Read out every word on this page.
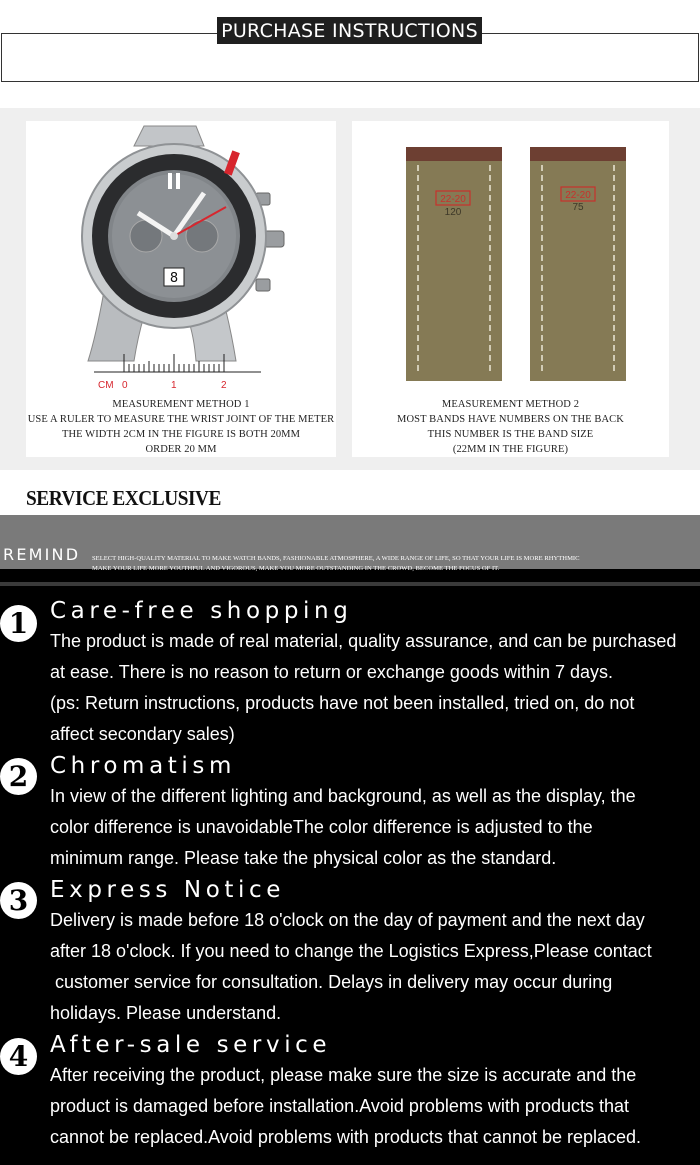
PURCHASE INSTRUCTIONS
8
CM 0	1	2
MEASUREMENT METHOD 1
USE A RULER TO MEASURE THE WRIST JOINT OF THE METER
THE WIDTH 2CM IN THE FIGURE IS BOTH 20MM
ORDER 20 MM
22-20
120
22-20
75
MEASUREMENT METHOD 2
MOST BANDS HAVE NUMBERS ON THE BACK
THIS NUMBER IS THE BAND SIZE
(22MM IN THE FIGURE)
SERVICE EXCLUSIVE
REMIND SELECT HIGH-QUALITY MATERIAL TO MAKE WATCH BANDS, FASHIONABLE ATMOSPHERE, A WIDE RANGE OF LIFE, SO THAT YOUR LIFE IS MORE RHYTHMIC
MAKE YOUR LIFE MORE YOUTHFUL AND VIGOROUS, MAKE YOU MORE OUTSTANDING IN THE CROWD, BECOME THE FOCUS OF IT.
1 Care-free shopping
The product is made of real material, quality assurance, and can be purchased
at ease. There is no reason to return or exchange goods within 7 days.
(ps: Return instructions, products have not been installed, tried on, do not
affect secondary sales)
2 Chromatism
In view of the different lighting and background, as well as the display, the
color difference is unavoidableThe color difference is adjusted to the
minimum range. Please take the physical color as the standard.
3 Express Notice
Delivery is made before 18 o'clock on the day of payment and the next day
after 18 o'clock. If you need to change the Logistics Express,Please contact
customer service for consultation. Delays in delivery may occur during
holidays. Please understand.
4 After-sale service
After receiving the product, please make sure the size is accurate and the
product is damaged before installation.Avoid problems with products that
cannot be replaced.Avoid problems with products that cannot be replaced.
